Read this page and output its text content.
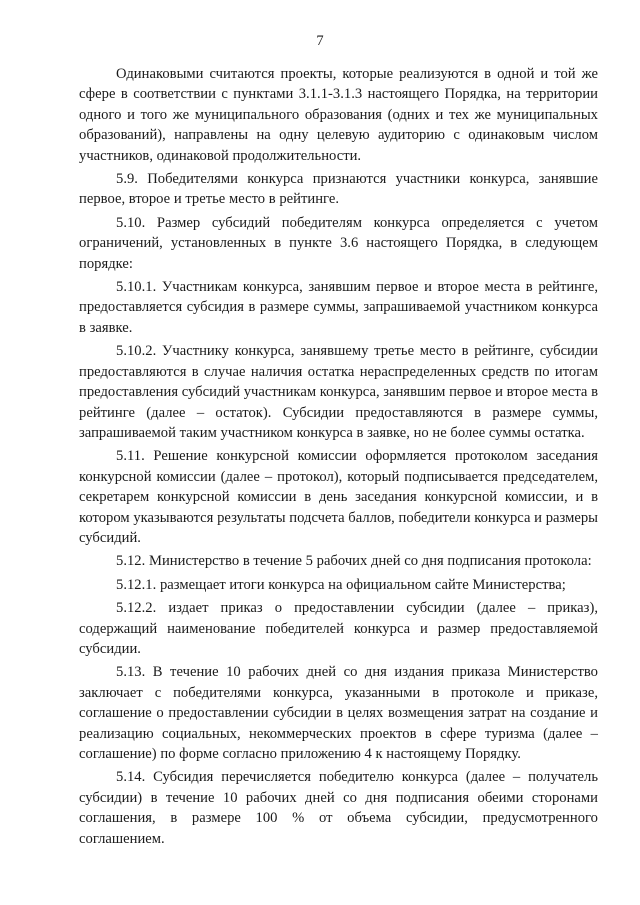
7

Одинаковыми считаются проекты, которые реализуются в одной и той же сфере в соответствии с пунктами 3.1.1-3.1.3 настоящего Порядка, на территории одного и того же муниципального образования (одних и тех же муниципальных образований), направлены на одну целевую аудиторию с одинаковым числом участников, одинаковой продолжительности.

5.9. Победителями конкурса признаются участники конкурса, занявшие первое, второе и третье место в рейтинге.

5.10. Размер субсидий победителям конкурса определяется с учетом ограничений, установленных в пункте 3.6 настоящего Порядка, в следующем порядке:

5.10.1. Участникам конкурса, занявшим первое и второе места в рейтинге, предоставляется субсидия в размере суммы, запрашиваемой участником конкурса в заявке.

5.10.2. Участнику конкурса, занявшему третье место в рейтинге, субсидии предоставляются в случае наличия остатка нераспределенных средств по итогам предоставления субсидий участникам конкурса, занявшим первое и второе места в рейтинге (далее – остаток). Субсидии предоставляются в размере суммы, запрашиваемой таким участником конкурса в заявке, но не более суммы остатка.

5.11. Решение конкурсной комиссии оформляется протоколом заседания конкурсной комиссии (далее – протокол), который подписывается председателем, секретарем конкурсной комиссии в день заседания конкурсной комиссии, и в котором указываются результаты подсчета баллов, победители конкурса и размеры субсидий.

5.12. Министерство в течение 5 рабочих дней со дня подписания протокола:

5.12.1. размещает итоги конкурса на официальном сайте Министерства;

5.12.2. издает приказ о предоставлении субсидии (далее – приказ), содержащий наименование победителей конкурса и размер предоставляемой субсидии.

5.13. В течение 10 рабочих дней со дня издания приказа Министерство заключает с победителями конкурса, указанными в протоколе и приказе, соглашение о предоставлении субсидии в целях возмещения затрат на создание и реализацию социальных, некоммерческих проектов в сфере туризма (далее – соглашение) по форме согласно приложению 4 к настоящему Порядку.

5.14. Субсидия перечисляется победителю конкурса (далее – получатель субсидии) в течение 10 рабочих дней со дня подписания обеими сторонами соглашения, в размере 100 % от объема субсидии, предусмотренного соглашением.
